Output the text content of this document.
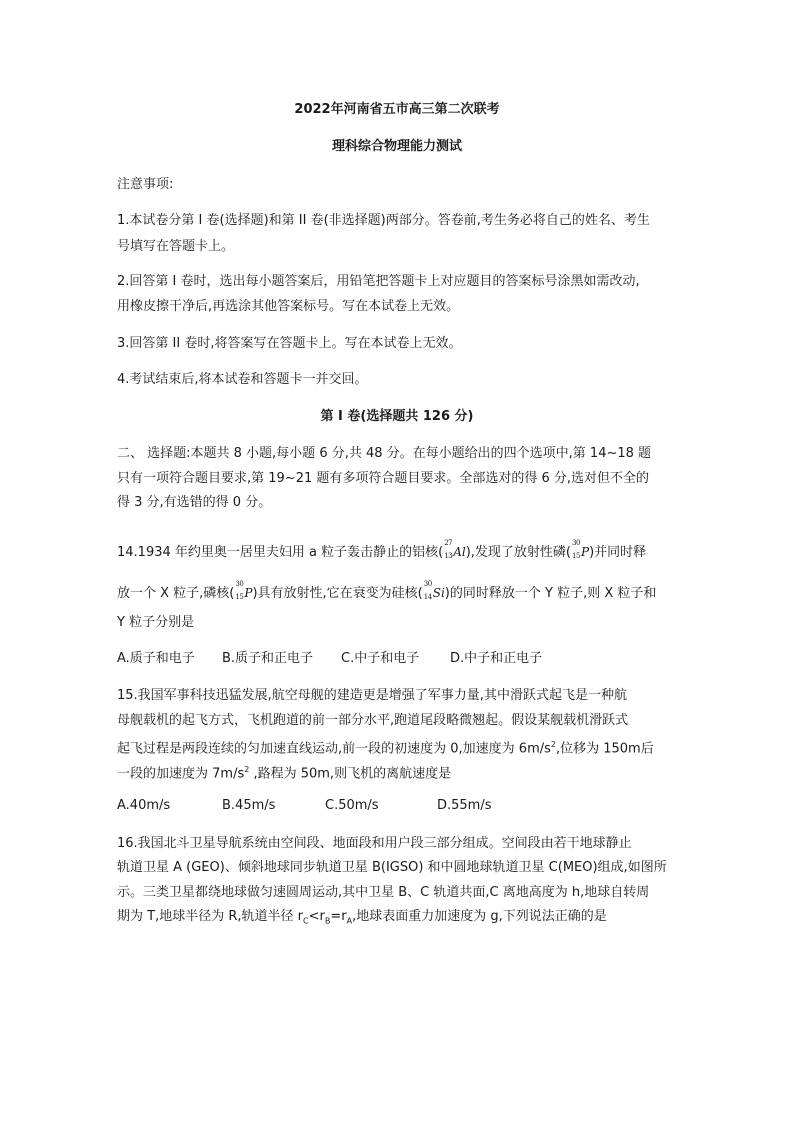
2022年河南省五市高三第二次联考
理科综合物理能力测试
注意事项:
1.本试卷分第 I 卷(选择题)和第 II 卷(非选择题)两部分。答卷前,考生务必将自己的姓名、考生
号填写在答题卡上。
2.回答第 I 卷时，选出每小题答案后，用铅笔把答题卡上对应题目的答案标号涂黑如需改动,
用橡皮擦干净后,再选涂其他答案标号。写在本试卷上无效。
3.回答第 II 卷时,将答案写在答题卡上。写在本试卷上无效。
4.考试结束后,将本试卷和答题卡一并交回。
第 I 卷(选择题共 126 分)
二、 选择题:本题共 8 小题,每小题 6 分,共 48 分。在每小题给出的四个选项中,第 14~18 题
只有一项符合题目要求,第 19~21 题有多项符合题目要求。全部选对的得 6 分,选对但不全的
得 3 分,有选错的得 0 分。
14.1934 年约里奥一居里夫妇用 a 粒子轰击静止的铝核(
27
13 Al),发现了放射性磷(
30
15 P)并同时释
放一个 X 粒子,磷核(
30
15 P)具有放射性,它在衰变为硅核(
30
14 Si)的同时释放一个 Y 粒子,则 X 粒子和
Y 粒子分别是
A.质子和电子 B.质子和正电子 C.中子和电子 D.中子和正电子
15.我国军事科技迅猛发展,航空母舰的建造更是增强了军事力量,其中滑跃式起飞是一种航
母舰载机的起飞方式，飞机跑道的前一部分水平,跑道尾段略微翘起。假设某舰载机滑跃式
起飞过程是两段连续的匀加速直线运动,前一段的初速度为 0,加速度为 $6m/s^2$,位移为 150m后
一段的加速度为 $7m/s^2$ ,路程为 50m,则飞机的离航速度是
A.40m/s	B.45m/s	C.50m/s	D.55m/s
16.我国北斗卫星导航系统由空间段、地面段和用户段三部分组成。空间段由若干地球静止
轨道卫星 A (GEO)、倾斜地球同步轨道卫星 B(IGSO) 和中圆地球轨道卫星 C(MEO)组成,如图所
示。三类卫星都绕地球做匀速圆周运动,其中卫星 B、C 轨道共面,C 离地高度为 h,地球自转周
期为 T,地球半径为 R,轨道半径 $r_C<r_B=r_A$,地球表面重力加速度为 g,下列说法正确的是
